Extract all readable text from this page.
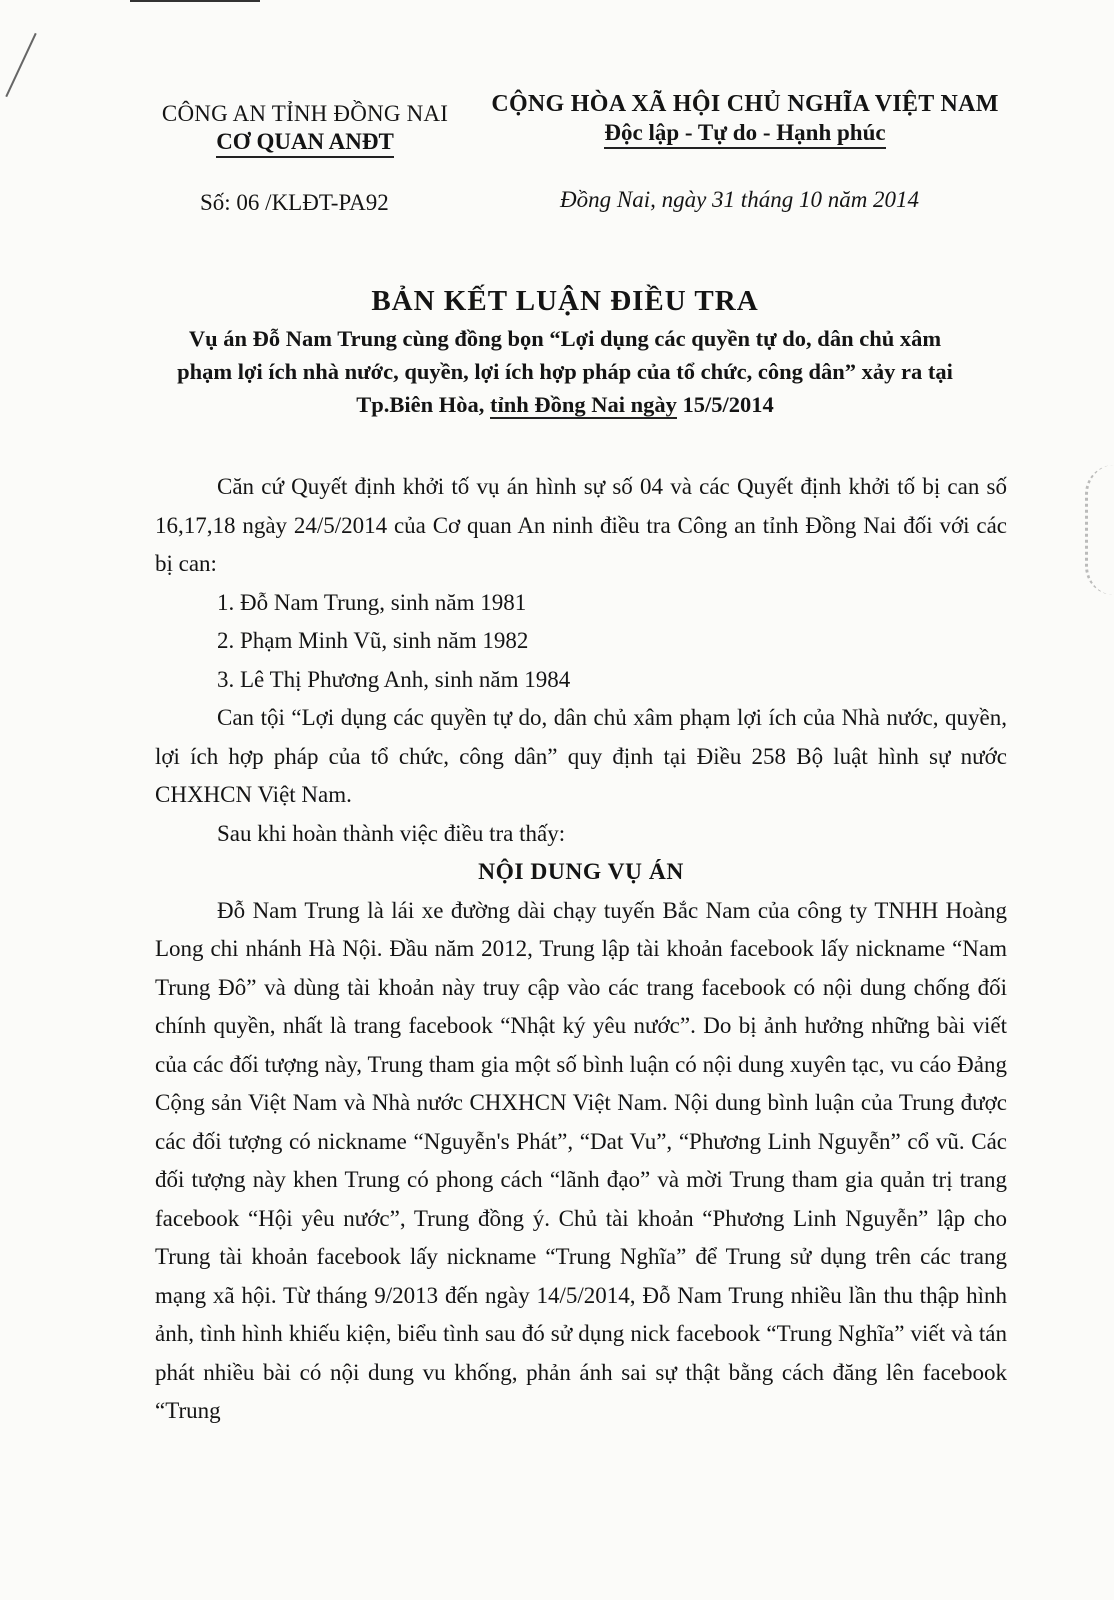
CÔNG AN TỈNH ĐỒNG NAI
CƠ QUAN ANĐT
CỘNG HÒA XÃ HỘI CHỦ NGHĨA VIỆT NAM
Độc lập - Tự do - Hạnh phúc
Số: 06 /KLĐT-PA92	Đồng Nai, ngày 31 tháng 10 năm 2014
BẢN KẾT LUẬN ĐIỀU TRA
Vụ án Đỗ Nam Trung cùng đồng bọn “Lợi dụng các quyền tự do, dân chủ xâm
phạm lợi ích nhà nước, quyền, lợi ích hợp pháp của tổ chức, công dân” xảy ra tại
Tp.Biên Hòa, tỉnh Đồng Nai ngày 15/5/2014

Căn cứ Quyết định khởi tố vụ án hình sự số 04 và các Quyết định khởi tố bị can số 16,17,18 ngày 24/5/2014 của Cơ quan An ninh điều tra Công an tỉnh Đồng Nai đối với các bị can:

1. Đỗ Nam Trung, sinh năm 1981

2. Phạm Minh Vũ, sinh năm 1982

3. Lê Thị Phương Anh, sinh năm 1984

Can tội “Lợi dụng các quyền tự do, dân chủ xâm phạm lợi ích của Nhà nước, quyền, lợi ích hợp pháp của tổ chức, công dân” quy định tại Điều 258 Bộ luật hình sự nước CHXHCN Việt Nam.

Sau khi hoàn thành việc điều tra thấy:

NỘI DUNG VỤ ÁN

Đỗ Nam Trung là lái xe đường dài chạy tuyến Bắc Nam của công ty TNHH Hoàng Long chi nhánh Hà Nội. Đầu năm 2012, Trung lập tài khoản facebook lấy nickname “Nam Trung Đô” và dùng tài khoản này truy cập vào các trang facebook có nội dung chống đối chính quyền, nhất là trang facebook “Nhật ký yêu nước”. Do bị ảnh hưởng những bài viết của các đối tượng này, Trung tham gia một số bình luận có nội dung xuyên tạc, vu cáo Đảng Cộng sản Việt Nam và Nhà nước CHXHCN Việt Nam. Nội dung bình luận của Trung được các đối tượng có nickname “Nguyễn's Phát”, “Dat Vu”, “Phương Linh Nguyễn” cổ vũ. Các đối tượng này khen Trung có phong cách “lãnh đạo” và mời Trung tham gia quản trị trang facebook “Hội yêu nước”, Trung đồng ý. Chủ tài khoản “Phương Linh Nguyễn” lập cho Trung tài khoản facebook lấy nickname “Trung Nghĩa” để Trung sử dụng trên các trang mạng xã hội. Từ tháng 9/2013 đến ngày 14/5/2014, Đỗ Nam Trung nhiều lần thu thập hình ảnh, tình hình khiếu kiện, biểu tình sau đó sử dụng nick facebook “Trung Nghĩa” viết và tán phát nhiều bài có nội dung vu khống, phản ánh sai sự thật bằng cách đăng lên facebook “Trung
